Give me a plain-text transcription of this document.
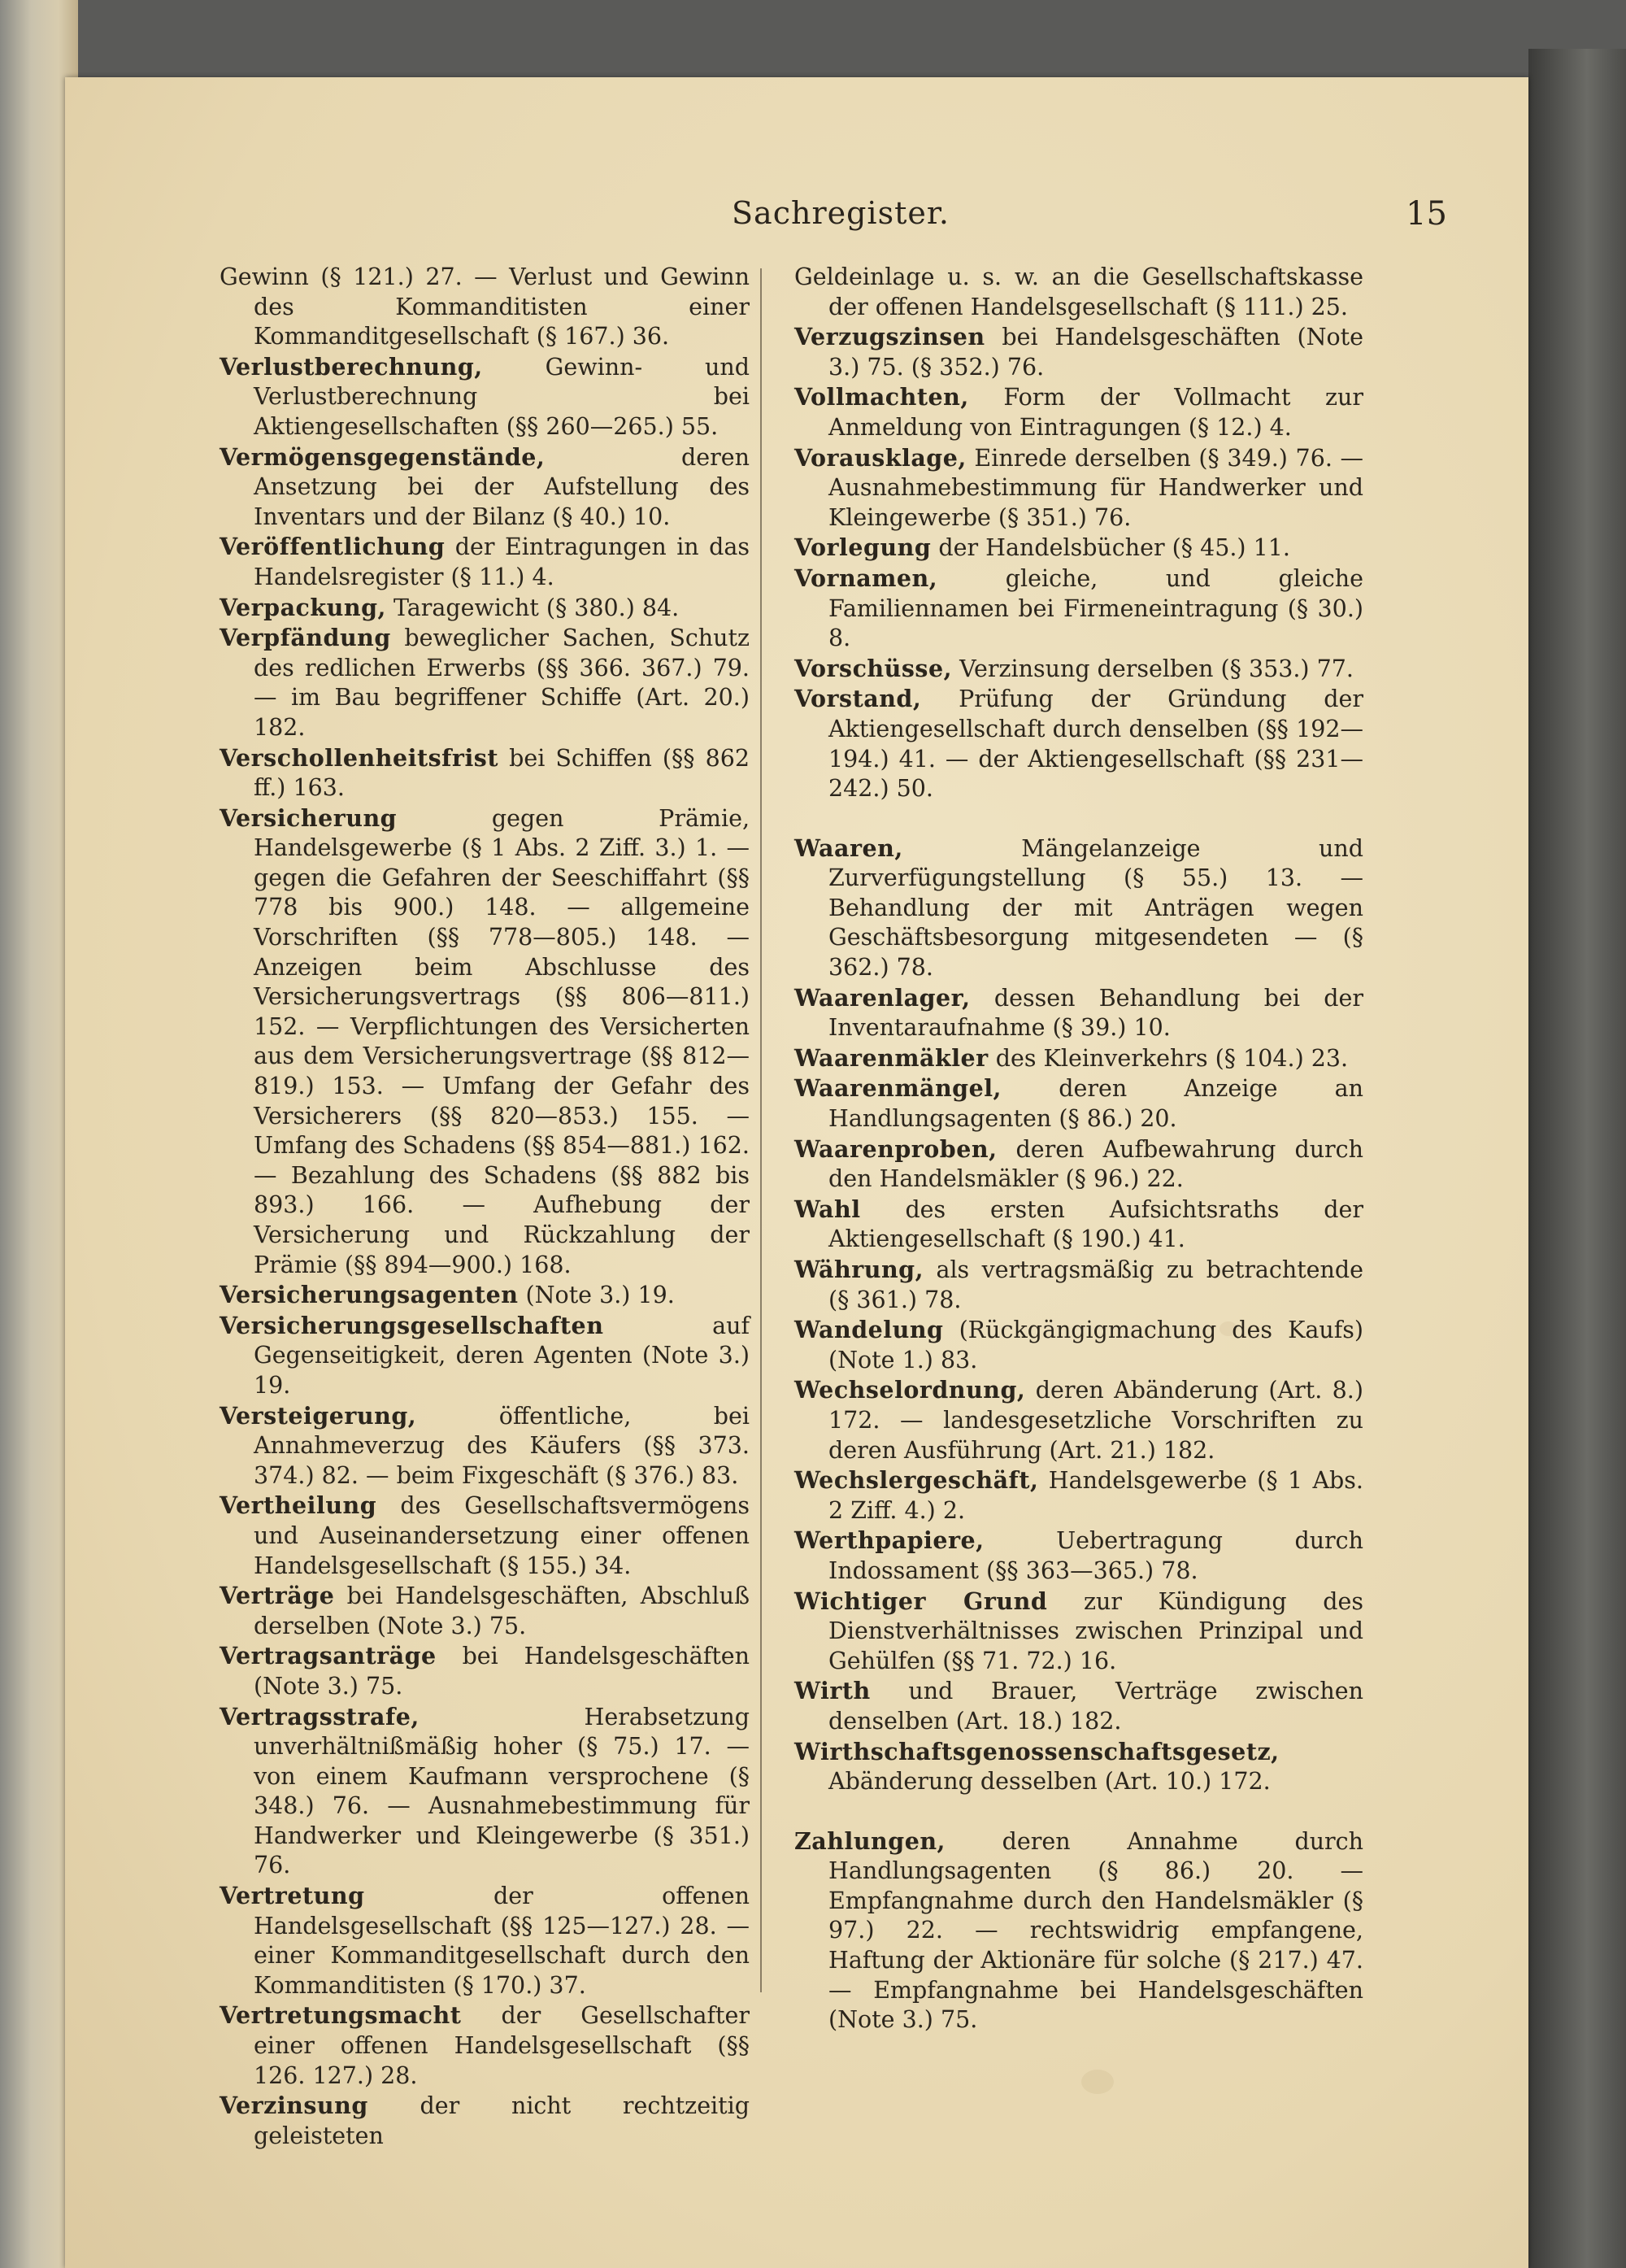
Sachregister.	15

Gewinn (§ 121.) 27. — Verlust und Gewinn des Kommanditisten einer Kommanditgesellschaft (§ 167.) 36.

Verlustberechnung,	Gewinn- und Verlustberechnung bei Aktiengesellschaften (§§ 260—265.) 55.

Vermögensgegenstände,	deren Ansetzung bei der Aufstellung des Inventars und der Bilanz (§ 40.) 10.

Veröffentlichung der Eintragungen in das Handelsregister (§ 11.) 4.

Verpackung, Taragewicht (§ 380.) 84.

Verpfändung beweglicher Sachen, Schutz des redlichen Erwerbs (§§ 366. 367.) 79. — im Bau begriffener Schiffe (Art. 20.) 182.

Verschollenheitsfrist bei Schiffen (§§ 862 ff.) 163.

Versicherung	gegen Prämie, Handelsgewerbe (§ 1 Abs. 2 Ziff. 3.) 1. — gegen die Gefahren der Seeschiffahrt (§§ 778 bis 900.) 148. — allgemeine Vorschriften (§§ 778—805.) 148. — Anzeigen beim Abschlusse des Versicherungsvertrags (§§ 806—811.) 152. — Verpflichtungen des Versicherten aus dem Versicherungsvertrage (§§ 812—819.) 153. — Umfang der Gefahr des Versicherers (§§ 820—853.) 155. — Umfang des Schadens (§§ 854—881.) 162. — Bezahlung des Schadens (§§ 882 bis 893.) 166. — Aufhebung der Versicherung und Rückzahlung der Prämie (§§ 894—900.) 168.

Versicherungsagenten (Note 3.) 19.

Versicherungsgesellschaften	auf Gegenseitigkeit, deren Agenten (Note 3.) 19.

Versteigerung,	öffentliche, bei Annahmeverzug des Käufers (§§ 373. 374.) 82. — beim Fixgeschäft (§ 376.) 83.

Vertheilung des Gesellschaftsvermögens und Auseinandersetzung einer offenen Handelsgesellschaft (§ 155.) 34.

Verträge bei Handelsgeschäften, Abschluß derselben (Note 3.) 75.

Vertragsanträge bei Handelsgeschäften (Note 3.) 75.

Vertragsstrafe,	Herabsetzung unverhältnißmäßig hoher (§ 75.) 17. — von einem Kaufmann versprochene (§ 348.) 76. — Ausnahmebestimmung für Handwerker und Kleingewerbe (§ 351.) 76.

Vertretung	der offenen Handelsgesellschaft (§§ 125—127.) 28. — einer Kommanditgesellschaft durch den Kommanditisten (§ 170.) 37.

Vertretungsmacht der Gesellschafter einer offenen Handelsgesellschaft (§§ 126. 127.) 28.

Verzinsung der nicht rechtzeitig geleisteten

Geldeinlage u. s. w. an die Gesellschaftskasse der offenen Handelsgesellschaft (§ 111.) 25.

Verzugszinsen bei Handelsgeschäften (Note 3.) 75. (§ 352.) 76.

Vollmachten, Form der Vollmacht zur Anmeldung von Eintragungen (§ 12.) 4.

Vorausklage, Einrede derselben (§ 349.) 76. — Ausnahmebestimmung für Handwerker und Kleingewerbe (§ 351.) 76.

Vorlegung der Handelsbücher (§ 45.) 11.

Vornamen,	gleiche, und gleiche Familiennamen bei Firmeneintragung (§ 30.) 8.

Vorschüsse, Verzinsung derselben (§ 353.) 77.

Vorstand, Prüfung der Gründung der Aktiengesellschaft durch denselben (§§ 192—194.) 41. — der Aktiengesellschaft (§§ 231—242.) 50.

Waaren,	Mängelanzeige und Zurverfügungstellung (§ 55.) 13. — Behandlung der mit Anträgen wegen Geschäftsbesorgung mitgesendeten — (§ 362.) 78.

Waarenlager, dessen Behandlung bei der Inventaraufnahme (§ 39.) 10.

Waarenmäkler des Kleinverkehrs (§ 104.) 23.

Waarenmängel, deren Anzeige an Handlungsagenten (§ 86.) 20.

Waarenproben, deren Aufbewahrung durch den Handelsmäkler (§ 96.) 22.

Wahl des ersten Aufsichtsraths der Aktiengesellschaft (§ 190.) 41.

Währung, als vertragsmäßig zu betrachtende (§ 361.) 78.

Wandelung (Rückgängigmachung des Kaufs) (Note 1.) 83.

Wechselordnung, deren Abänderung (Art. 8.) 172. — landesgesetzliche Vorschriften zu deren Ausführung (Art. 21.) 182.

Wechslergeschäft, Handelsgewerbe (§ 1 Abs. 2 Ziff. 4.) 2.

Werthpapiere,	Uebertragung durch Indossament (§§ 363—365.) 78.

Wichtiger Grund zur Kündigung des Dienstverhältnisses zwischen Prinzipal und Gehülfen (§§ 71. 72.) 16.

Wirth und Brauer, Verträge zwischen denselben (Art. 18.) 182.

Wirthschaftsgenossenschaftsgesetz, Abänderung desselben (Art. 10.) 172.

Zahlungen, deren Annahme durch Handlungsagenten (§ 86.) 20. — Empfangnahme durch den Handelsmäkler (§ 97.) 22. — rechtswidrig empfangene, Haftung der Aktionäre für solche (§ 217.) 47. — Empfangnahme bei Handelsgeschäften (Note 3.) 75.
